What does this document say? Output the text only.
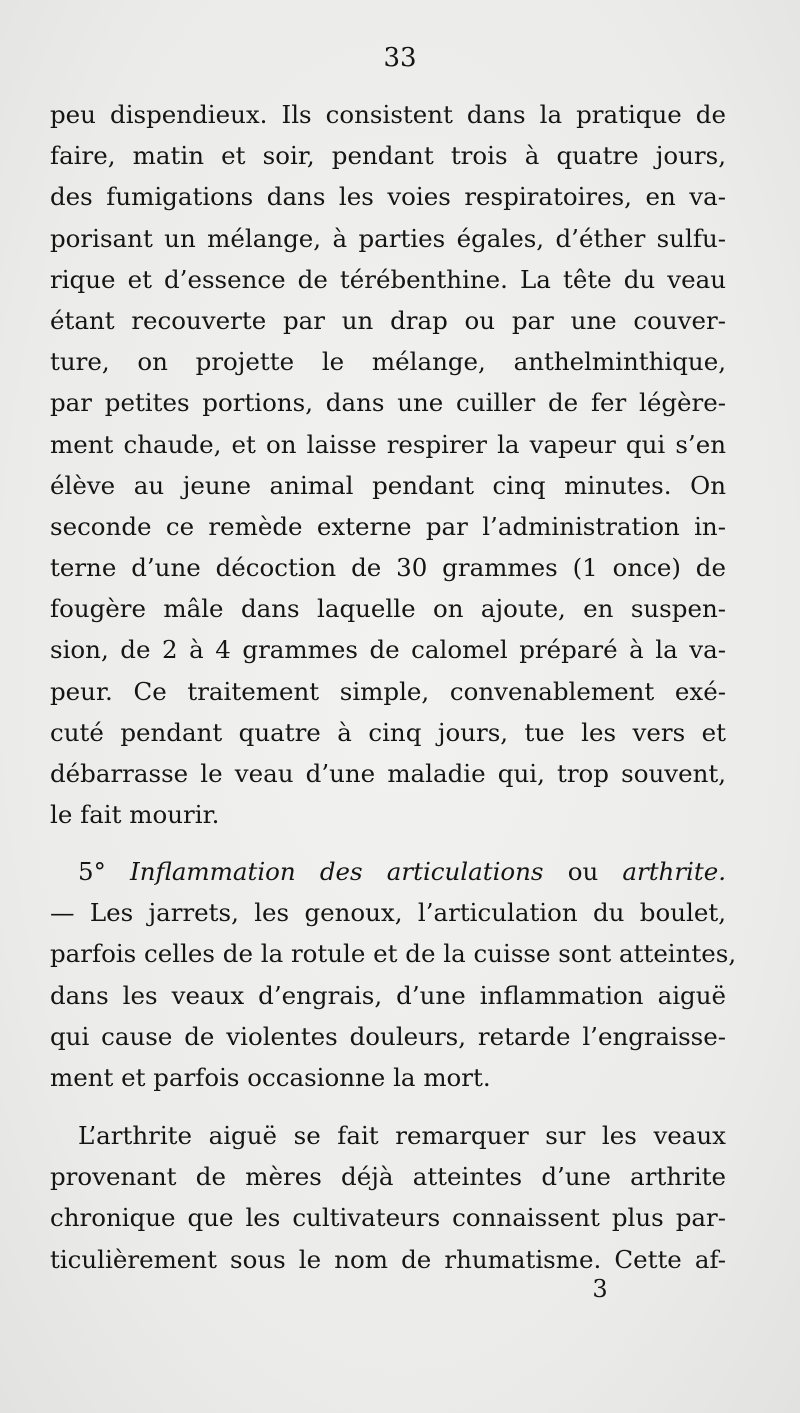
33
peu dispendieux. Ils consistent dans la pratique de
faire, matin et soir, pendant trois à quatre jours,
des fumigations dans les voies respiratoires, en va-
porisant un mélange, à parties égales, d’éther sulfu-
rique et d’essence de térébenthine. La tête du veau
étant recouverte par un drap ou par une couver-
ture, on projette le mélange, anthelminthique,
par petites portions, dans une cuiller de fer légère-
ment chaude, et on laisse respirer la vapeur qui s’en
élève au jeune animal pendant cinq minutes. On
seconde ce remède externe par l’administration in-
terne d’une décoction de 30 grammes (1 once) de
fougère mâle dans laquelle on ajoute, en suspen-
sion, de 2 à 4 grammes de calomel préparé à la va-
peur. Ce traitement simple, convenablement exé-
cuté pendant quatre à cinq jours, tue les vers et
débarrasse le veau d’une maladie qui, trop souvent,
le fait mourir.
5° Inflammation des articulations ou arthrite.
— Les jarrets, les genoux, l’articulation du boulet,
parfois celles de la rotule et de la cuisse sont atteintes,
dans les veaux d’engrais, d’une inflammation aiguë
qui cause de violentes douleurs, retarde l’engraisse-
ment et parfois occasionne la mort.
L’arthrite aiguë se fait remarquer sur les veaux
provenant de mères déjà atteintes d’une arthrite
chronique que les cultivateurs connaissent plus par-
ticulièrement sous le nom de rhumatisme. Cette af-
3
